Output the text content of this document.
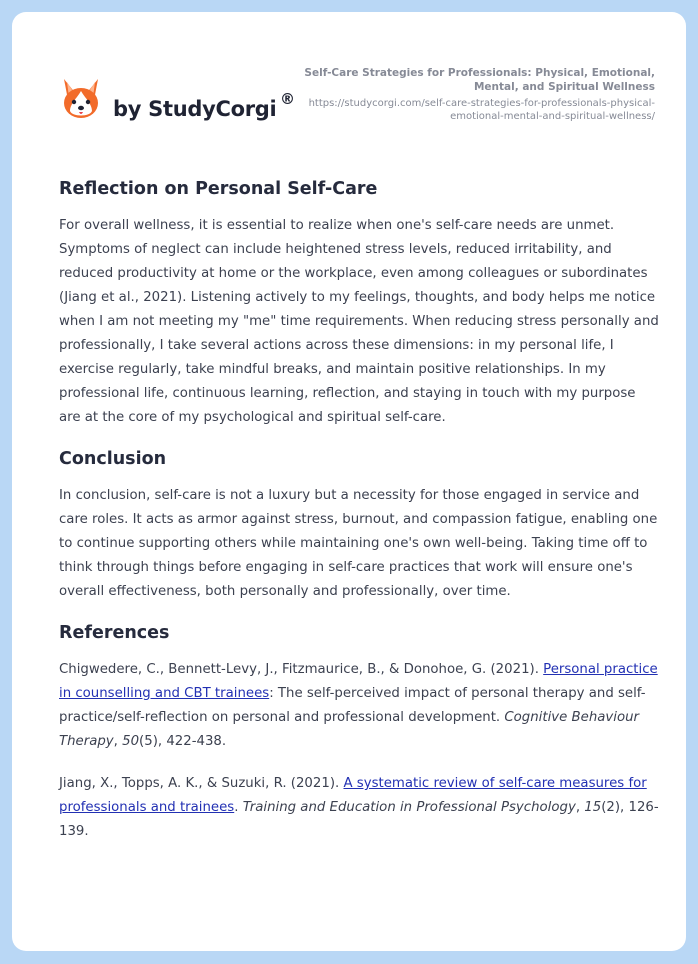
by StudyCorgi ®
Self-Care Strategies for Professionals: Physical, Emotional, Mental, and Spiritual Wellness
https://studycorgi.com/self-care-strategies-for-professionals-physical-emotional-mental-and-spiritual-wellness/
Reflection on Personal Self-Care

For overall wellness, it is essential to realize when one's self-care needs are unmet. Symptoms of neglect can include heightened stress levels, reduced irritability, and reduced productivity at home or the workplace, even among colleagues or subordinates (Jiang et al., 2021). Listening actively to my feelings, thoughts, and body helps me notice when I am not meeting my "me" time requirements. When reducing stress personally and professionally, I take several actions across these dimensions: in my personal life, I exercise regularly, take mindful breaks, and maintain positive relationships. In my professional life, continuous learning, reflection, and staying in touch with my purpose are at the core of my psychological and spiritual self-care.

Conclusion

In conclusion, self-care is not a luxury but a necessity for those engaged in service and care roles. It acts as armor against stress, burnout, and compassion fatigue, enabling one to continue supporting others while maintaining one's own well-being. Taking time off to think through things before engaging in self-care practices that work will ensure one's overall effectiveness, both personally and professionally, over time.

References

Chigwedere, C., Bennett-Levy, J., Fitzmaurice, B., & Donohoe, G. (2021). Personal practice in counselling and CBT trainees: The self-perceived impact of personal therapy and self-practice/self-reflection on personal and professional development. Cognitive Behaviour Therapy, 50(5), 422-438.

Jiang, X., Topps, A. K., & Suzuki, R. (2021). A systematic review of self-care measures for professionals and trainees. Training and Education in Professional Psychology, 15(2), 126-139.
